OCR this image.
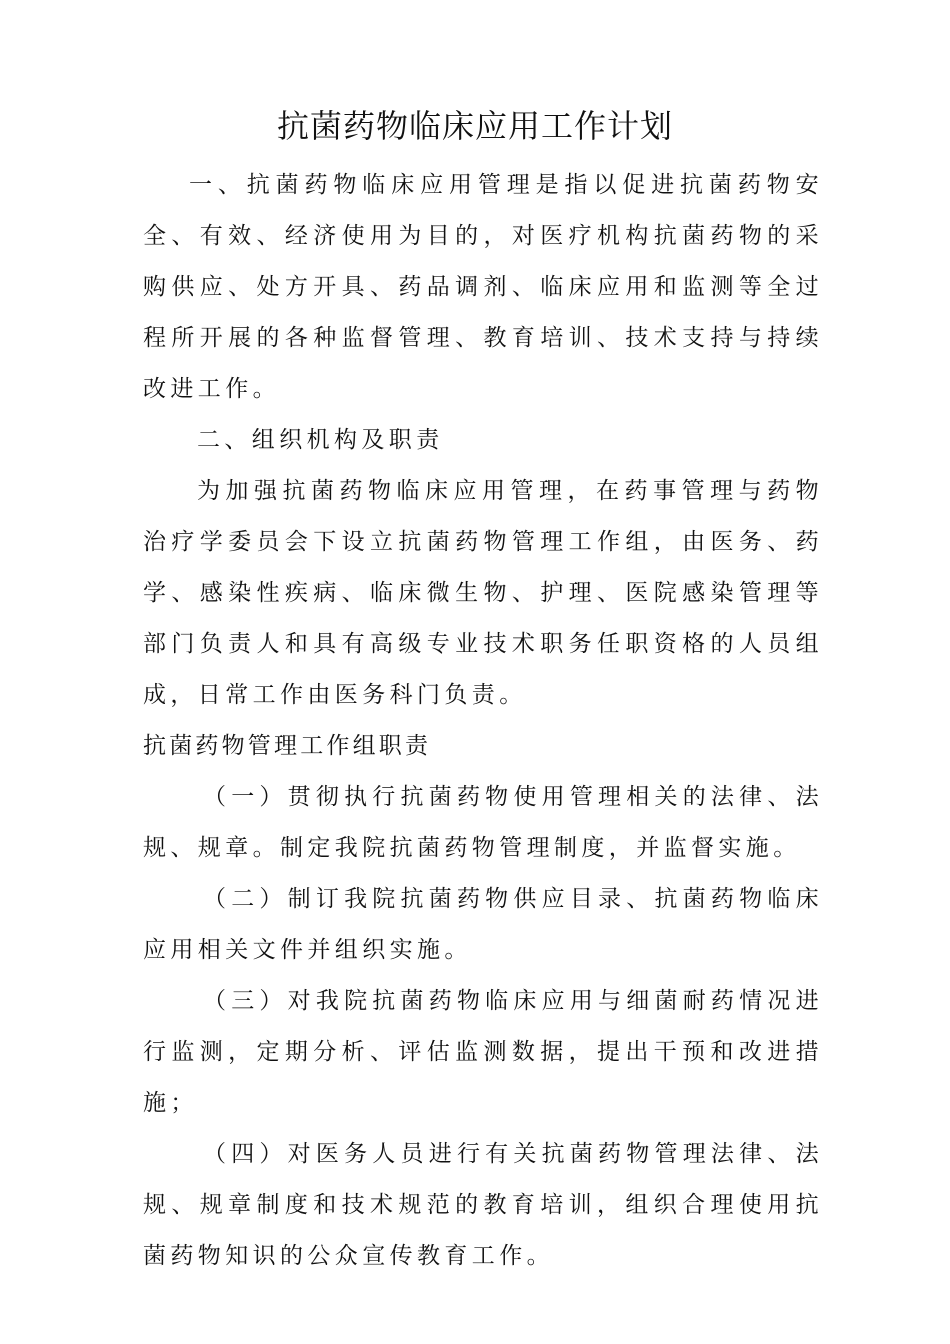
抗菌药物临床应用工作计划

一、抗菌药物临床应用管理是指以促进抗菌药物安全、有效、经济使用为目的，对医疗机构抗菌药物的采购供应、处方开具、药品调剂、临床应用和监测等全过程所开展的各种监督管理、教育培训、技术支持与持续改进工作。

二、组织机构及职责

为加强抗菌药物临床应用管理，在药事管理与药物治疗学委员会下设立抗菌药物管理工作组，由医务、药学、感染性疾病、临床微生物、护理、医院感染管理等部门负责人和具有高级专业技术职务任职资格的人员组成，日常工作由医务科门负责。

抗菌药物管理工作组职责

（一）贯彻执行抗菌药物使用管理相关的法律、法规、规章。制定我院抗菌药物管理制度，并监督实施。

（二）制订我院抗菌药物供应目录、抗菌药物临床应用相关文件并组织实施。

（三）对我院抗菌药物临床应用与细菌耐药情况进行监测，定期分析、评估监测数据，提出干预和改进措施；

（四）对医务人员进行有关抗菌药物管理法律、法规、规章制度和技术规范的教育培训，组织合理使用抗菌药物知识的公众宣传教育工作。
